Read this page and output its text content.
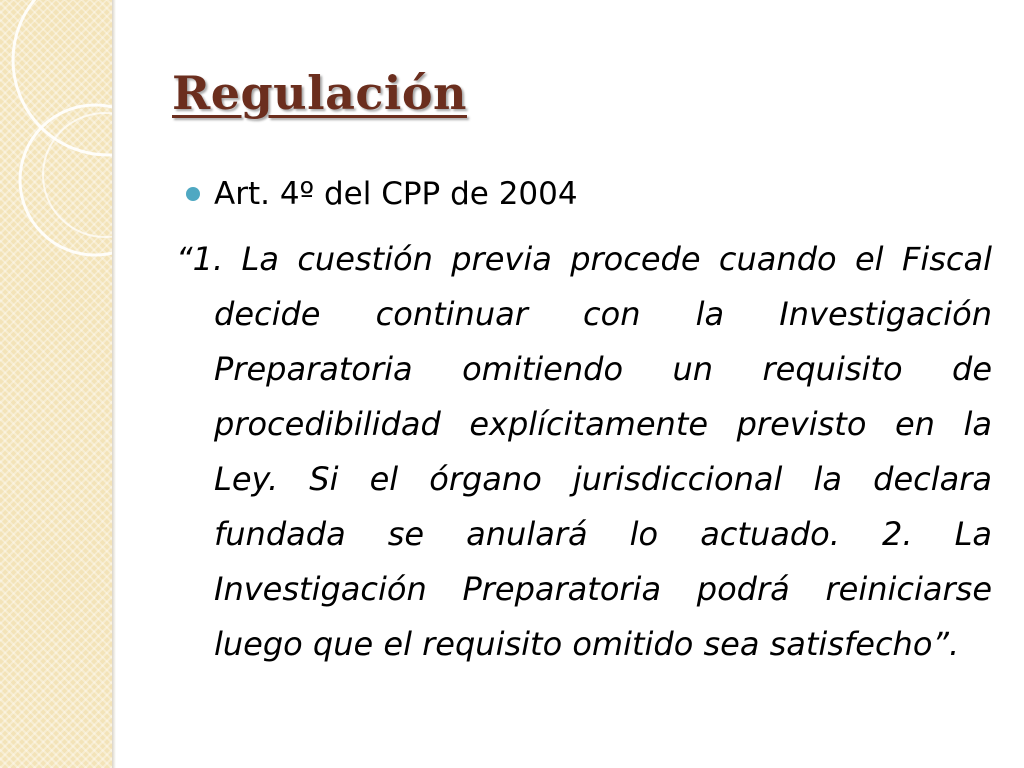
Regulación
Art. 4º del CPP de 2004

“1. La cuestión previa procede cuando el Fiscal decide continuar con la Investigación Preparatoria omitiendo un requisito de procedibilidad explícitamente previsto en la Ley. Si el órgano jurisdiccional la declara fundada se anulará lo actuado. 2. La Investigación Preparatoria podrá reiniciarse luego que el requisito omitido sea satisfecho”.
